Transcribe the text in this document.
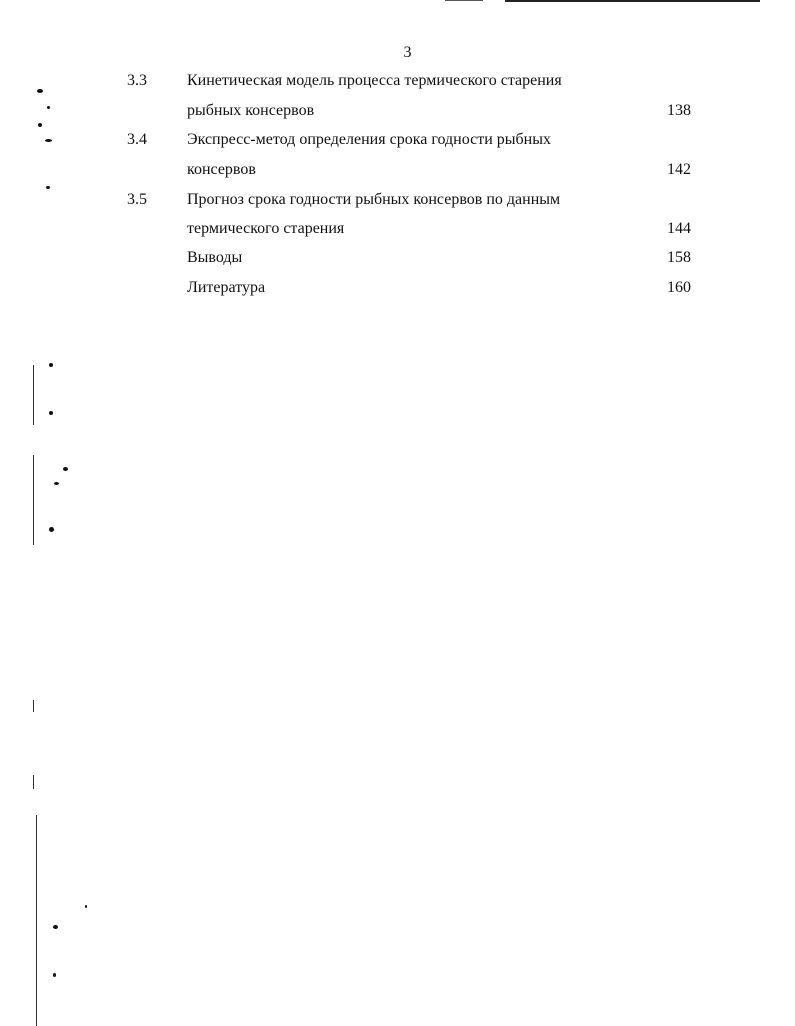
3
3.3	Кинетическая модель процесса термического старения
рыбных консервов	138
3.4	Экспресс-метод определения срока годности рыбных
консервов	142
3.5	Прогноз срока годности рыбных консервов по данным
термического старения	144
Выводы	158
Литература	160
